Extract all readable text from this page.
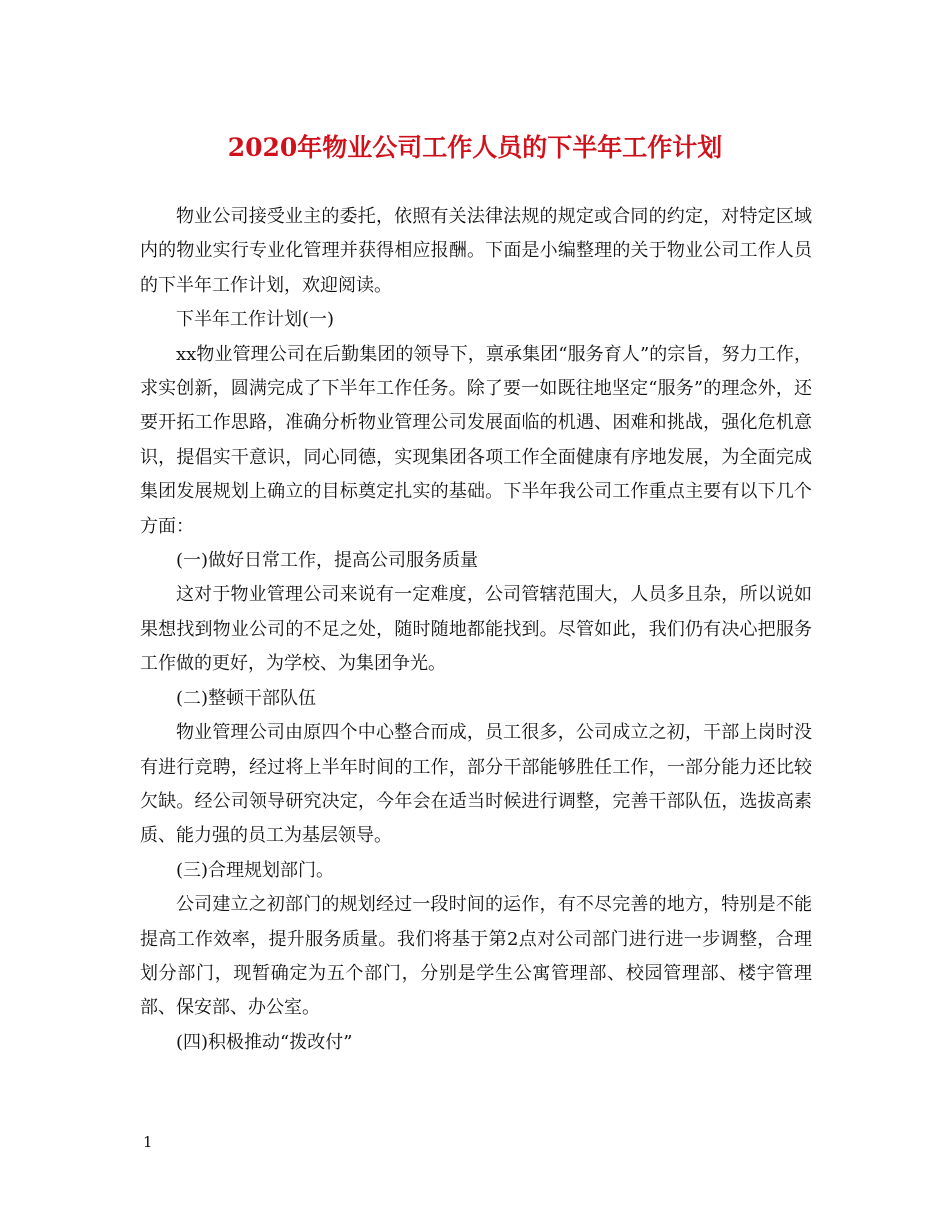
2020年物业公司工作人员的下半年工作计划

物业公司接受业主的委托，依照有关法律法规的规定或合同的约定，对特定区域内的物业实行专业化管理并获得相应报酬。下面是小编整理的关于物业公司工作人员的下半年工作计划，欢迎阅读。

下半年工作计划(一)

xx物业管理公司在后勤集团的领导下，禀承集团“服务育人”的宗旨，努力工作，求实创新，圆满完成了下半年工作任务。除了要一如既往地坚定“服务”的理念外，还要开拓工作思路，准确分析物业管理公司发展面临的机遇、困难和挑战，强化危机意识，提倡实干意识，同心同德，实现集团各项工作全面健康有序地发展，为全面完成集团发展规划上确立的目标奠定扎实的基础。下半年我公司工作重点主要有以下几个方面：

(一)做好日常工作，提高公司服务质量

这对于物业管理公司来说有一定难度，公司管辖范围大，人员多且杂，所以说如果想找到物业公司的不足之处，随时随地都能找到。尽管如此，我们仍有决心把服务工作做的更好，为学校、为集团争光。

(二)整顿干部队伍

物业管理公司由原四个中心整合而成，员工很多，公司成立之初，干部上岗时没有进行竞聘，经过将上半年时间的工作，部分干部能够胜任工作，一部分能力还比较欠缺。经公司领导研究决定，今年会在适当时候进行调整，完善干部队伍，选拔高素质、能力强的员工为基层领导。

(三)合理规划部门。

公司建立之初部门的规划经过一段时间的运作，有不尽完善的地方，特别是不能提高工作效率，提升服务质量。我们将基于第2点对公司部门进行进一步调整，合理划分部门，现暂确定为五个部门，分别是学生公寓管理部、校园管理部、楼宇管理部、保安部、办公室。

(四)积极推动“拨改付”

1
